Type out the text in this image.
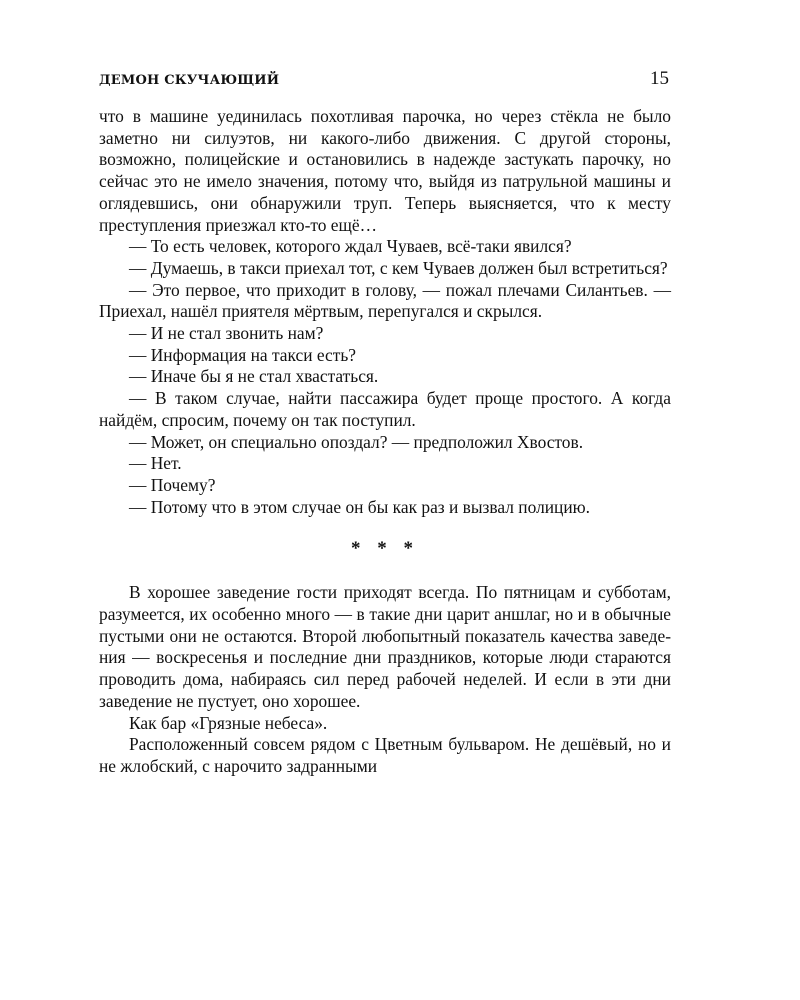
ДЕМОН СКУЧАЮЩИЙ	15

что в машине уединилась похотливая парочка, но через стёкла не было заметно ни силуэтов, ни какого-либо движения. С другой стороны, возможно, полицейские и остановились в надежде застукать парочку, но сейчас это не имело значения, потому что, выйдя из патрульной машины и оглядевшись, они обнаружили труп. Теперь выясняется, что к месту преступления приезжал кто-то ещё…

— То есть человек, которого ждал Чуваев, всё-таки явился?

— Думаешь, в такси приехал тот, с кем Чуваев должен был встретиться?

— Это первое, что приходит в голову, — пожал плечами Силантьев. — Приехал, нашёл приятеля мёртвым, перепугался и скрылся.

— И не стал звонить нам?

— Информация на такси есть?

— Иначе бы я не стал хвастаться.

— В таком случае, найти пассажира будет проще простого. А когда найдём, спросим, почему он так поступил.

— Может, он специально опоздал? — предположил Хвостов.

— Нет.

— Почему?

— Потому что в этом случае он бы как раз и вызвал полицию.

* * *

В хорошее заведение гости приходят всегда. По пятницам и субботам, разумеется, их особенно много — в такие дни царит аншлаг, но и в обычные пустыми они не остаются. Второй любопытный показатель качества заведения — воскресенья и последние дни праздников, которые люди стараются проводить дома, набираясь сил перед рабочей неделей. И если в эти дни заведение не пустует, оно хорошее.

Как бар «Грязные небеса».

Расположенный совсем рядом с Цветным бульваром. Не дешёвый, но и не жлобский, с нарочито задранными
